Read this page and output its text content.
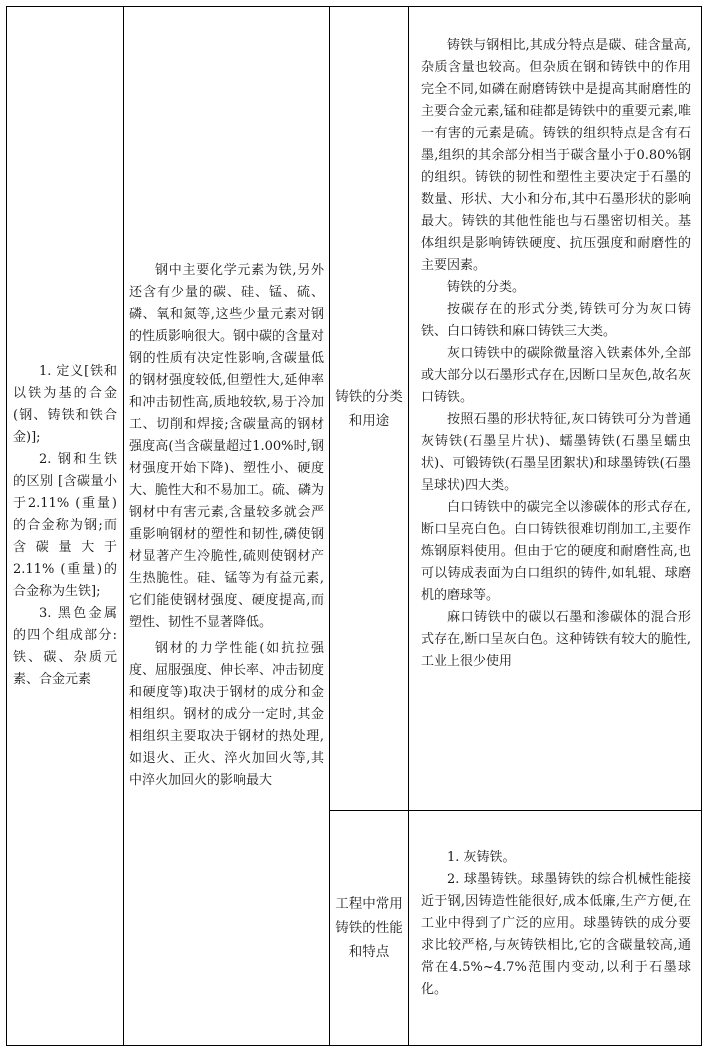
1. 定义[铁和以铁为基的合金(钢、铸铁和铁合金)];

2. 钢和生铁的区别 [含碳量小于2.11% (重量)的合金称为钢;而含碳量大于 2.11% (重量)的合金称为生铁];

3. 黑色金属的四个组成部分:铁、碳、杂质元素、合金元素

钢中主要化学元素为铁,另外还含有少量的碳、硅、锰、硫、磷、氧和氮等,这些少量元素对钢的性质影响很大。钢中碳的含量对钢的性质有决定性影响,含碳量低的钢材强度较低,但塑性大,延伸率和冲击韧性高,质地较软,易于冷加工、切削和焊接;含碳量高的钢材强度高(当含碳量超过1.00%时,钢材强度开始下降)、塑性小、硬度大、脆性大和不易加工。硫、磷为钢材中有害元素,含量较多就会严重影响钢材的塑性和韧性,磷使钢材显著产生冷脆性,硫则使钢材产生热脆性。硅、锰等为有益元素,它们能使钢材强度、硬度提高,而塑性、韧性不显著降低。

钢材的力学性能(如抗拉强度、屈服强度、伸长率、冲击韧度和硬度等)取决于钢材的成分和金相组织。钢材的成分一定时,其金相组织主要取决于钢材的热处理,如退火、正火、淬火加回火等,其中淬火加回火的影响最大

铸铁的分类和用途

铸铁与钢相比,其成分特点是碳、硅含量高,杂质含量也较高。但杂质在钢和铸铁中的作用完全不同,如磷在耐磨铸铁中是提高其耐磨性的主要合金元素,锰和硅都是铸铁中的重要元素,唯一有害的元素是硫。铸铁的组织特点是含有石墨,组织的其余部分相当于碳含量小于0.80%钢的组织。铸铁的韧性和塑性主要决定于石墨的数量、形状、大小和分布,其中石墨形状的影响最大。铸铁的其他性能也与石墨密切相关。基体组织是影响铸铁硬度、抗压强度和耐磨性的主要因素。

铸铁的分类。

按碳存在的形式分类,铸铁可分为灰口铸铁、白口铸铁和麻口铸铁三大类。

灰口铸铁中的碳除微量溶入铁素体外,全部或大部分以石墨形式存在,因断口呈灰色,故名灰口铸铁。

按照石墨的形状特征,灰口铸铁可分为普通灰铸铁(石墨呈片状)、蠕墨铸铁(石墨呈蠕虫状)、可锻铸铁(石墨呈团絮状)和球墨铸铁(石墨呈球状)四大类。

白口铸铁中的碳完全以渗碳体的形式存在,断口呈亮白色。白口铸铁很难切削加工,主要作炼钢原料使用。但由于它的硬度和耐磨性高,也可以铸成表面为白口组织的铸件,如轧辊、球磨机的磨球等。

麻口铸铁中的碳以石墨和渗碳体的混合形式存在,断口呈灰白色。这种铸铁有较大的脆性,工业上很少使用

工程中常用铸铁的性能和特点

1. 灰铸铁。

2. 球墨铸铁。球墨铸铁的综合机械性能接近于钢,因铸造性能很好,成本低廉,生产方便,在工业中得到了广泛的应用。球墨铸铁的成分要求比较严格,与灰铸铁相比,它的含碳量较高,通常在4.5%~4.7%范围内变动,以利于石墨球化。
